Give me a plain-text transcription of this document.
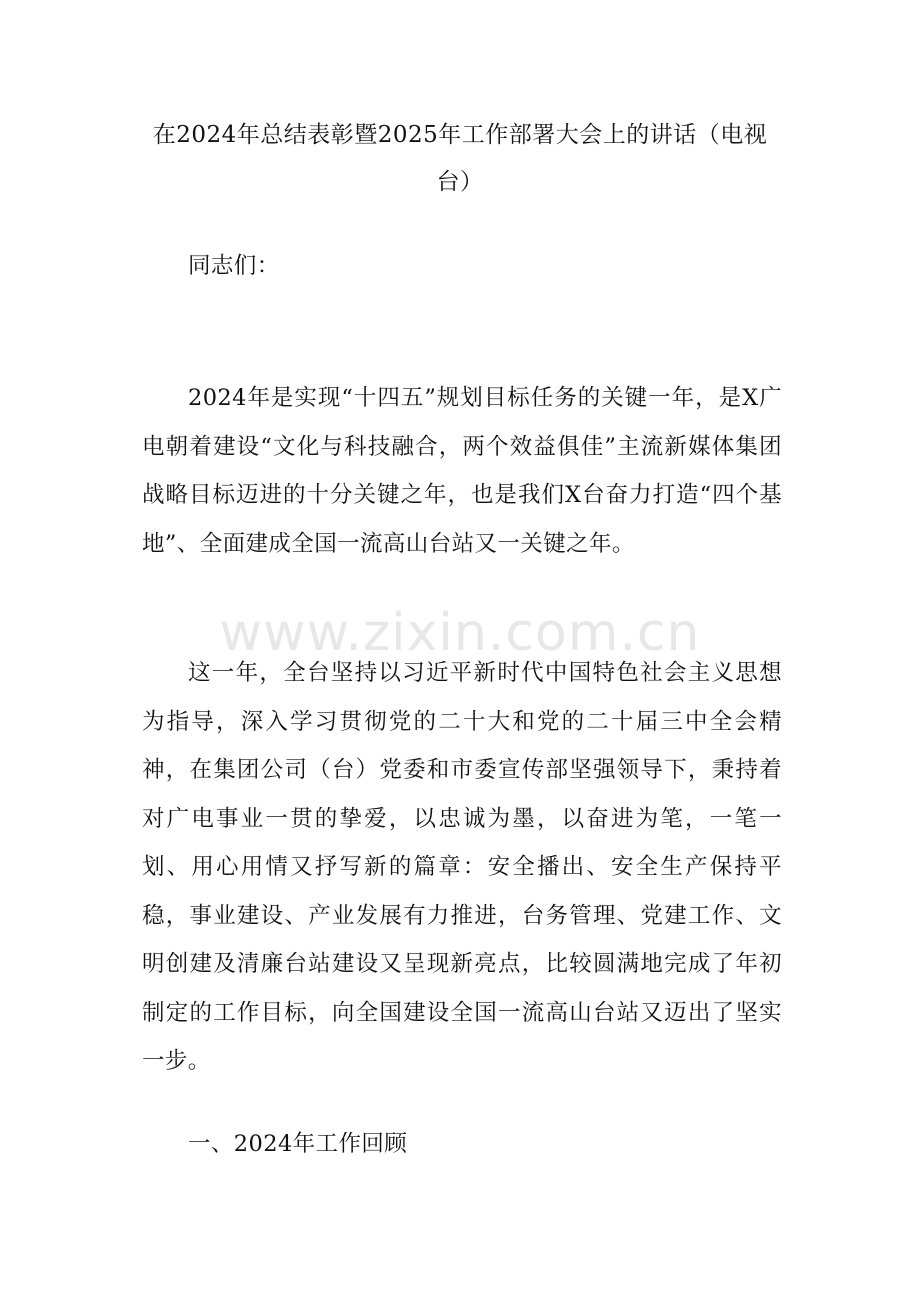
在2024年总结表彰暨2025年工作部署大会上的讲话（电视台）

同志们：

2024年是实现“十四五”规划目标任务的关键一年，是X广电朝着建设“文化与科技融合，两个效益俱佳”主流新媒体集团战略目标迈进的十分关键之年，也是我们X台奋力打造“四个基地”、全面建成全国一流高山台站又一关键之年。

这一年，全台坚持以习近平新时代中国特色社会主义思想为指导，深入学习贯彻党的二十大和党的二十届三中全会精神，在集团公司（台）党委和市委宣传部坚强领导下，秉持着对广电事业一贯的挚爱，以忠诚为墨，以奋进为笔，一笔一划、用心用情又抒写新的篇章：安全播出、安全生产保持平稳，事业建设、产业发展有力推进，台务管理、党建工作、文明创建及清廉台站建设又呈现新亮点，比较圆满地完成了年初制定的工作目标，向全国建设全国一流高山台站又迈出了坚实一步。

一、2024年工作回顾

www.zixin.com.cn
